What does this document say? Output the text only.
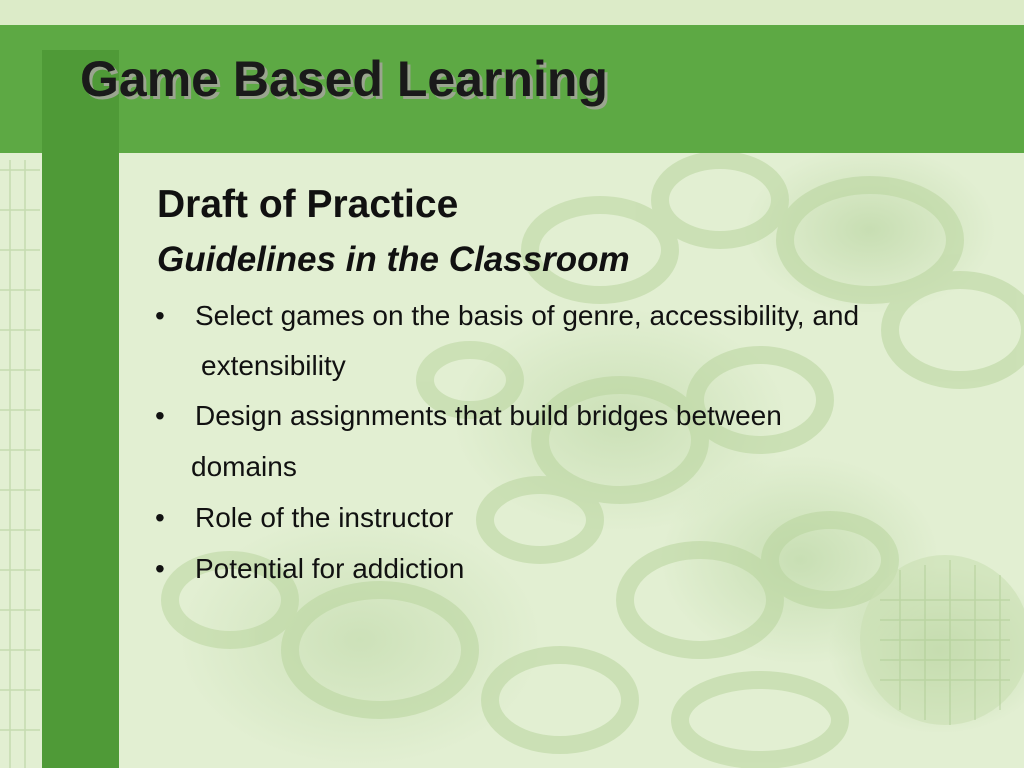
Game Based Learning
Draft of Practice
Guidelines in the Classroom
• Select games on the basis of genre, accessibility, and
extensibility
• Design assignments that build bridges between
domains
• Role of the instructor
• Potential for addiction
